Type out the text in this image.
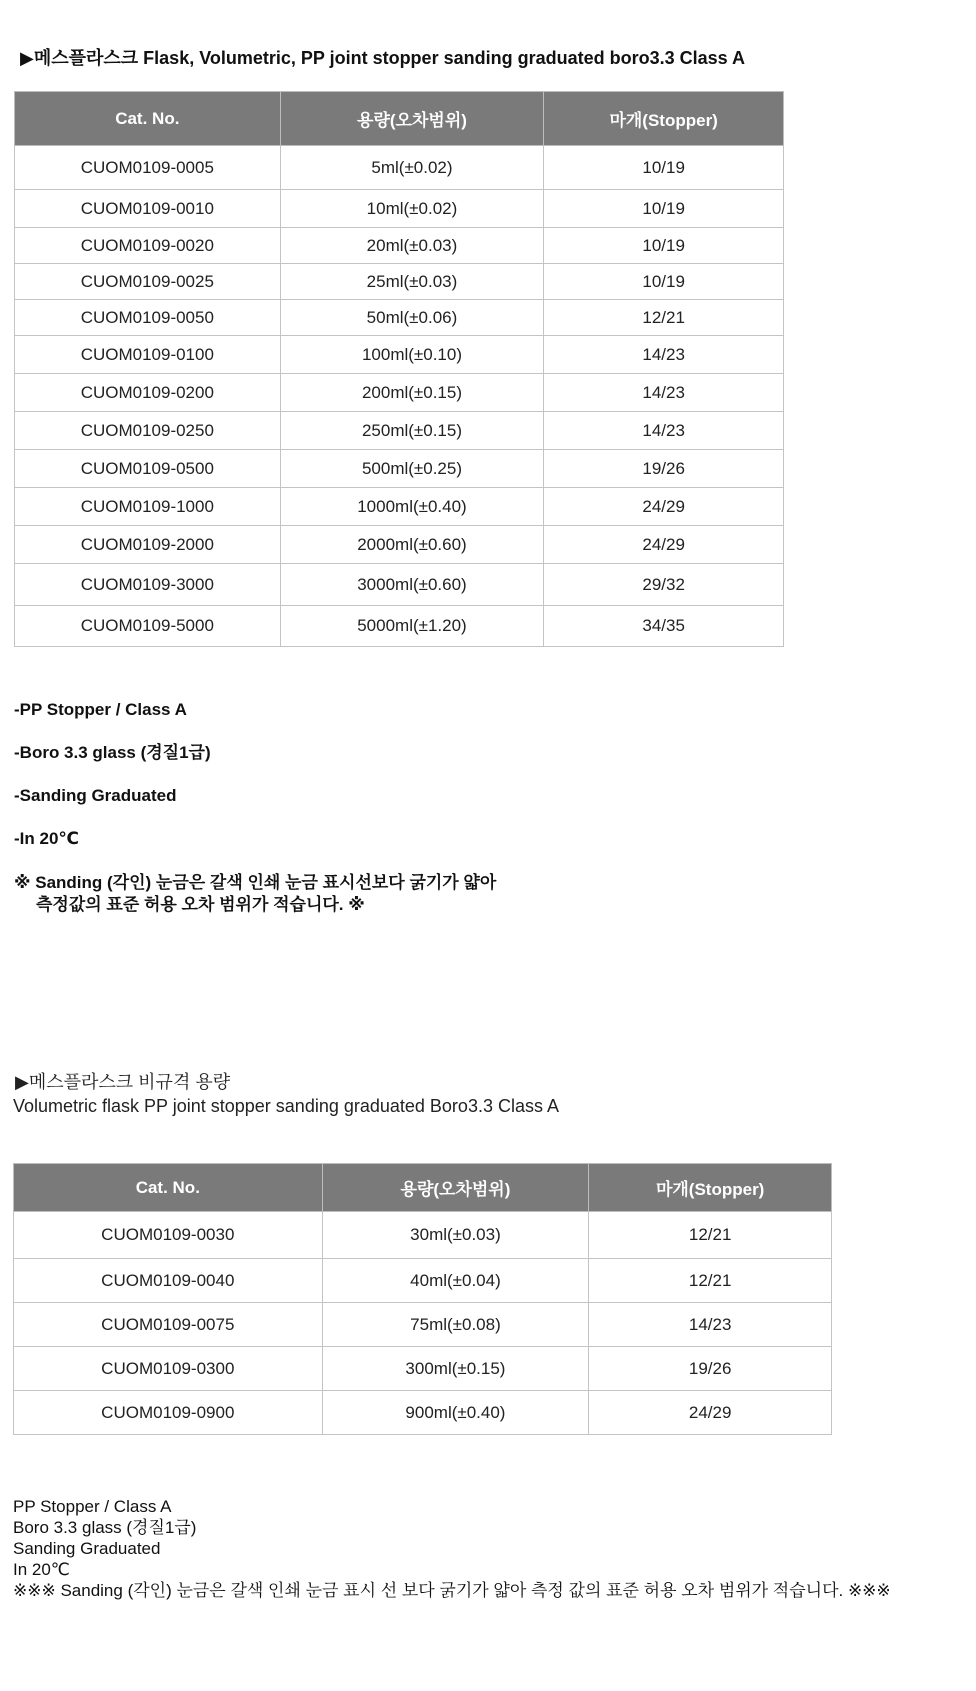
▶메스플라스크 Flask, Volumetric, PP joint stopper sanding graduated boro3.3 Class A
Cat. No.	용량(오차범위)	마개(Stopper)
CUOM0109-0005	5ml(±0.02)	10/19
CUOM0109-0010	10ml(±0.02)	10/19
CUOM0109-0020	20ml(±0.03)	10/19
CUOM0109-0025	25ml(±0.03)	10/19
CUOM0109-0050	50ml(±0.06)	12/21
CUOM0109-0100	100ml(±0.10)	14/23
CUOM0109-0200	200ml(±0.15)	14/23
CUOM0109-0250	250ml(±0.15)	14/23
CUOM0109-0500	500ml(±0.25)	19/26
CUOM0109-1000	1000ml(±0.40)	24/29
CUOM0109-2000	2000ml(±0.60)	24/29
CUOM0109-3000	3000ml(±0.60)	29/32
CUOM0109-5000	5000ml(±1.20)	34/35
-PP Stopper / Class A
-Boro 3.3 glass (경질1급)
-Sanding Graduated
-In 20℃
※ Sanding (각인) 눈금은 갈색 인쇄 눈금 표시선보다 굵기가 얇아
측정값의 표준 허용 오차 범위가 적습니다. ※
▶메스플라스크 비규격 용량
Volumetric flask PP joint stopper sanding graduated Boro3.3 Class A
Cat. No.	용량(오차범위)	마개(Stopper)
CUOM0109-0030	30ml(±0.03)	12/21
CUOM0109-0040	40ml(±0.04)	12/21
CUOM0109-0075	75ml(±0.08)	14/23
CUOM0109-0300	300ml(±0.15)	19/26
CUOM0109-0900	900ml(±0.40)	24/29
PP Stopper / Class A
Boro 3.3 glass (경질1급)
Sanding Graduated
In 20℃
※※※ Sanding (각인) 눈금은 갈색 인쇄 눈금 표시 선 보다 굵기가 얇아 측정 값의 표준 허용 오차 범위가 적습니다. ※※※
